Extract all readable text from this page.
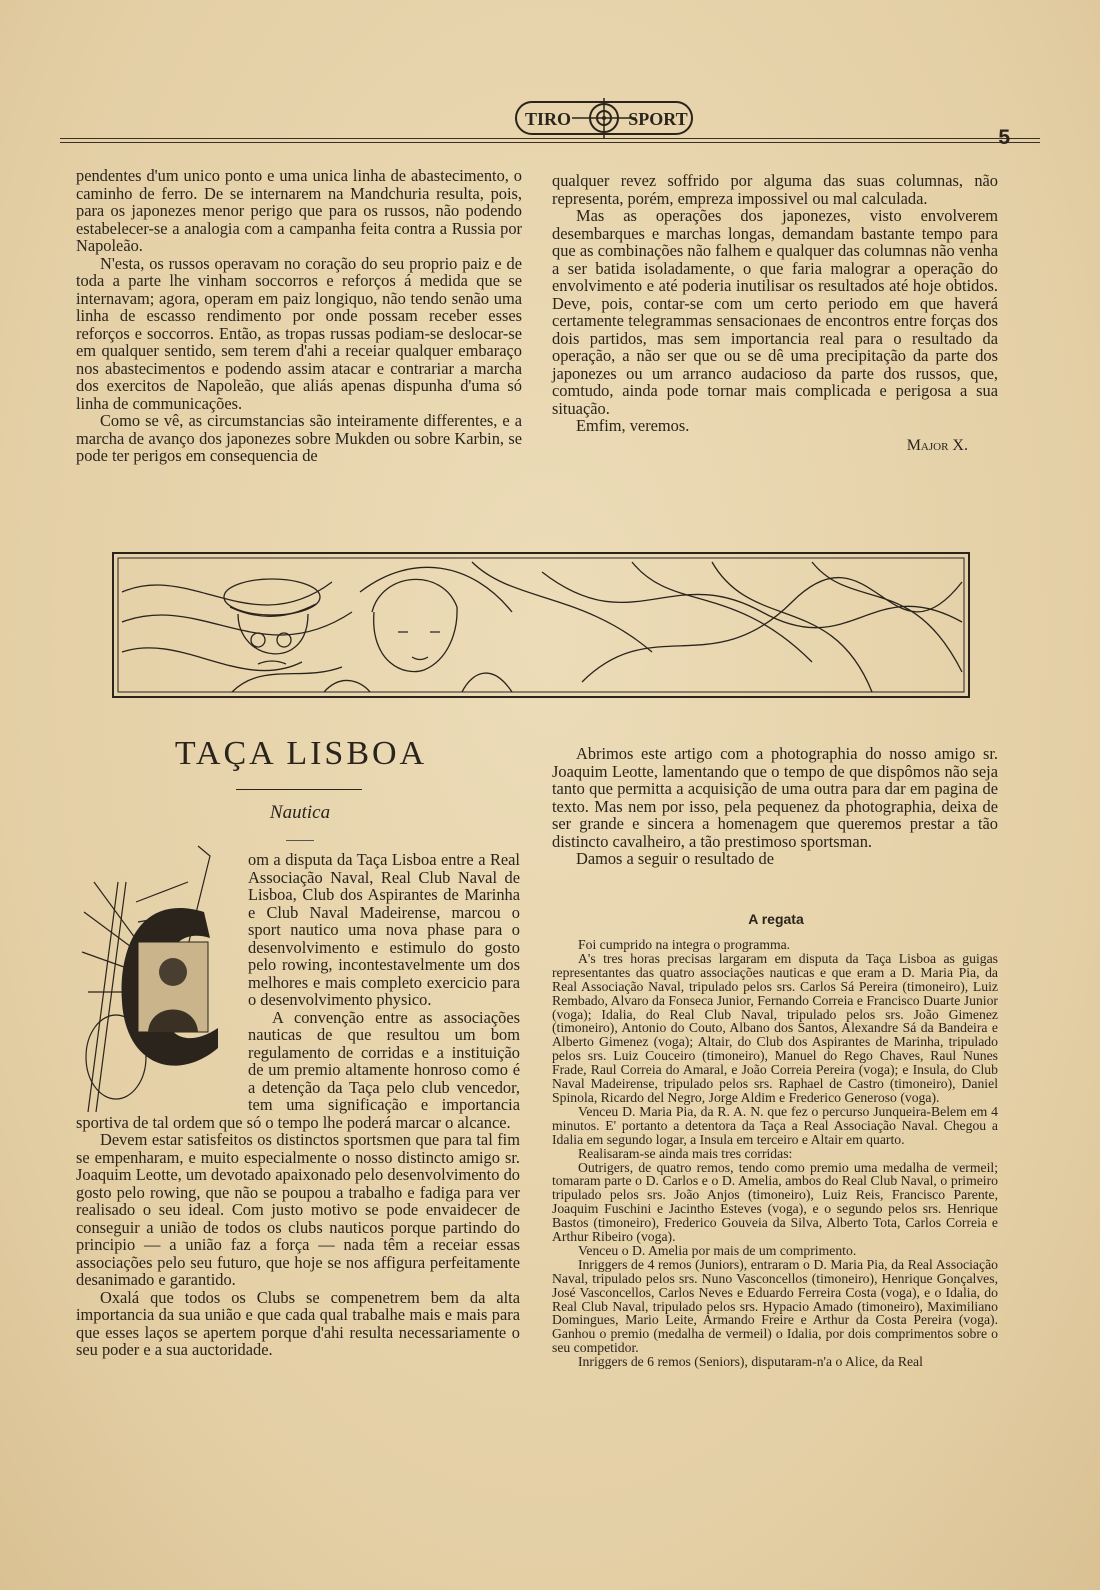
TIRO	SPORT
5

pendentes d'um unico ponto e uma unica linha de abastecimento, o caminho de ferro. De se internarem na Mandchuria resulta, pois, para os japonezes menor perigo que para os russos, não podendo estabelecer-se a analogia com a campanha feita contra a Russia por Napoleão.

N'esta, os russos operavam no coração do seu proprio paiz e de toda a parte lhe vinham soccorros e reforços á medida que se internavam; agora, operam em paiz longiquo, não tendo senão uma linha de escasso rendimento por onde possam receber esses reforços e soccorros. Então, as tropas russas podiam-se deslocar-se em qualquer sentido, sem terem d'ahi a receiar qualquer embaraço nos abastecimentos e podendo assim atacar e contrariar a marcha dos exercitos de Napoleão, que aliás apenas dispunha d'uma só linha de communicações.

Como se vê, as circumstancias são inteiramente differentes, e a marcha de avanço dos japonezes sobre Mukden ou sobre Karbin, se pode ter perigos em consequencia de

qualquer revez soffrido por alguma das suas columnas, não representa, porém, empreza impossivel ou mal calculada.

Mas as operações dos japonezes, visto envolverem desembarques e marchas longas, demandam bastante tempo para que as combinações não falhem e qualquer das columnas não venha a ser batida isoladamente, o que faria malograr a operação do envolvimento e até poderia inutilisar os resultados até hoje obtidos. Deve, pois, contar-se com um certo periodo em que haverá certamente telegrammas sensacionaes de encontros entre forças dos dois partidos, mas sem importancia real para o resultado da operação, a não ser que ou se dê uma precipitação da parte dos japonezes ou um arranco audacioso da parte dos russos, que, comtudo, ainda pode tornar mais complicada e perigosa a sua situação.

Emfim, veremos.

Major X.
TAÇA LISBOA
Nautica

om a disputa da Taça Lisboa entre a Real Associação Naval, Real Club Naval de Lisboa, Club dos Aspirantes de Marinha e Club Naval Madeirense, marcou o sport nautico uma nova phase para o desenvolvimento e estimulo do gosto pelo rowing, incontestavelmente um dos melhores e mais completo exercicio para o desenvolvimento physico.

A convenção entre as associações nauticas de que resultou um bom regulamento de corridas e a instituição de um premio altamente honroso como é a detenção da Taça pelo club vencedor, tem uma significação e importancia sportiva de tal ordem que só o tempo lhe poderá marcar o alcance.

Devem estar satisfeitos os distinctos sportsmen que para tal fim se empenharam, e muito especialmente o nosso distincto amigo sr. Joaquim Leotte, um devotado apaixonado pelo desenvolvimento do gosto pelo rowing, que não se poupou a trabalho e fadiga para ver realisado o seu ideal. Com justo motivo se pode envaidecer de conseguir a união de todos os clubs nauticos porque partindo do principio — a união faz a força — nada têm a receiar essas associações pelo seu futuro, que hoje se nos affigura perfeitamente desanimado e garantido.

Oxalá que todos os Clubs se compenetrem bem da alta importancia da sua união e que cada qual trabalhe mais e mais para que esses laços se apertem porque d'ahi resulta necessariamente o seu poder e a sua auctoridade.

Abrimos este artigo com a photographia do nosso amigo sr. Joaquim Leotte, lamentando que o tempo de que dispômos não seja tanto que permitta a acquisição de uma outra para dar em pagina de texto. Mas nem por isso, pela pequenez da photographia, deixa de ser grande e sincera a homenagem que queremos prestar a tão distincto cavalheiro, a tão prestimoso sportsman.

Damos a seguir o resultado de

A regata

Foi cumprido na integra o programma.

A's tres horas precisas largaram em disputa da Taça Lisboa as guigas representantes das quatro associações nauticas e que eram a D. Maria Pia, da Real Associação Naval, tripulado pelos srs. Carlos Sá Pereira (timoneiro), Luiz Rembado, Alvaro da Fonseca Junior, Fernando Correia e Francisco Duarte Junior (voga); Idalia, do Real Club Naval, tripulado pelos srs. João Gimenez (timoneiro), Antonio do Couto, Albano dos Santos, Alexandre Sá da Bandeira e Alberto Gimenez (voga); Altair, do Club dos Aspirantes de Marinha, tripulado pelos srs. Luiz Couceiro (timoneiro), Manuel do Rego Chaves, Raul Nunes Frade, Raul Correia do Amaral, e João Correia Pereira (voga); e Insula, do Club Naval Madeirense, tripulado pelos srs. Raphael de Castro (timoneiro), Daniel Spinola, Ricardo del Negro, Jorge Aldim e Frederico Generoso (voga).

Venceu D. Maria Pia, da R. A. N. que fez o percurso Junqueira-Belem em 4 minutos. E' portanto a detentora da Taça a Real Associação Naval. Chegou a Idalia em segundo logar, a Insula em terceiro e Altair em quarto.

Realisaram-se ainda mais tres corridas:

Outrigers, de quatro remos, tendo como premio uma medalha de vermeil; tomaram parte o D. Carlos e o D. Amelia, ambos do Real Club Naval, o primeiro tripulado pelos srs. João Anjos (timoneiro), Luiz Reis, Francisco Parente, Joaquim Fuschini e Jacintho Esteves (voga), e o segundo pelos srs. Henrique Bastos (timoneiro), Frederico Gouveia da Silva, Alberto Tota, Carlos Correia e Arthur Ribeiro (voga).

Venceu o D. Amelia por mais de um comprimento.

Inriggers de 4 remos (Juniors), entraram o D. Maria Pia, da Real Associação Naval, tripulado pelos srs. Nuno Vasconcellos (timoneiro), Henrique Gonçalves, José Vasconcellos, Carlos Neves e Eduardo Ferreira Costa (voga), e o Idalia, do Real Club Naval, tripulado pelos srs. Hypacio Amado (timoneiro), Maximiliano Domingues, Mario Leite, Armando Freire e Arthur da Costa Pereira (voga). Ganhou o premio (medalha de vermeil) o Idalia, por dois comprimentos sobre o seu competidor.

Inriggers de 6 remos (Seniors), disputaram-n'a o Alice, da Real
